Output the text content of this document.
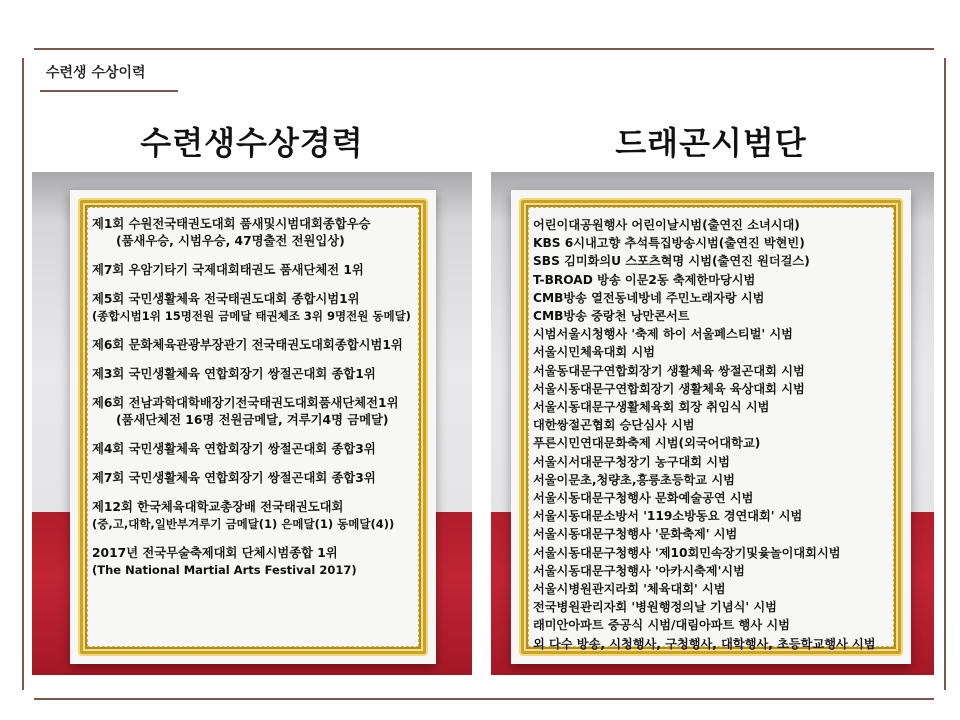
수련생 수상이력
수련생수상경력	드래곤시범단
제1회 수원전국태권도대회 품새및시범대회종합우승
(품새우승, 시범우승, 47명출전 전원입상)
제7회 우암기타기 국제대회태권도 품새단체전 1위
제5회 국민생활체육 전국태권도대회 종합시범1위
(종합시범1위 15명전원 금메달 태권체조 3위 9명전원 동메달)
제6회 문화체육관광부장관기 전국태권도대회종합시범1위
제3회 국민생활체육 연합회장기 쌍절곤대회 종합1위
제6회 전남과학대학배장기전국태권도대회품새단체전1위
(품새단체전 16명 전원금메달, 겨루기4명 금메달)
제4회 국민생활체육 연합회장기 쌍절곤대회 종합3위
제7회 국민생활체육 연합회장기 쌍절곤대회 종합3위
제12회 한국체육대학교총장배 전국태권도대회
(중,고,대학,일반부겨루기 금메달(1) 은메달(1) 동메달(4))
2017년 전국무술축제대회 단체시범종합 1위
(The National Martial Arts Festival 2017)
어린이대공원행사 어린이날시범(출연진 소녀시대)
KBS 6시내고향 추석특집방송시범(출연진 박현빈)
SBS 김미화의U 스포츠혁명 시범(출연진 원더걸스)
T-BROAD 방송 이문2동 축제한마당시범
CMB방송 열전동네방네 주민노래자랑 시범
CMB방송 중랑천 낭만콘서트
시범서울시청행사 '축제 하이 서울페스티벌' 시범
서울시민체육대회 시범
서울동대문구연합회장기 생활체육 쌍절곤대회 시범
서울시동대문구연합회장기 생활체육 육상대회 시범
서울시동대문구생활체육회 회장 취임식 시범
대한쌍절곤협회 승단심사 시범
푸른시민연대문화축제 시범(외국어대학교)
서울시서대문구청장기 농구대회 시범
서울이문초,청량초,흥릉초등학교 시범
서울시동대문구청행사 문화예술공연 시범
서울시동대문소방서 '119소방동요 경연대회' 시범
서울시동대문구청행사 '문화축제' 시범
서울시동대문구청행사 '제10회민속장기및윷놀이대회시범
서울시동대문구청행사 '아카시축제'시범
서울시병원관지라회 '체육대회' 시범
전국병원관리자회 '병원행정의날 기념식' 시범
래미안아파트 중공식 시범/대림아파트 행사 시범
외 다수 방송, 시청행사, 구청행사, 대학행사, 초등학교행사 시범
